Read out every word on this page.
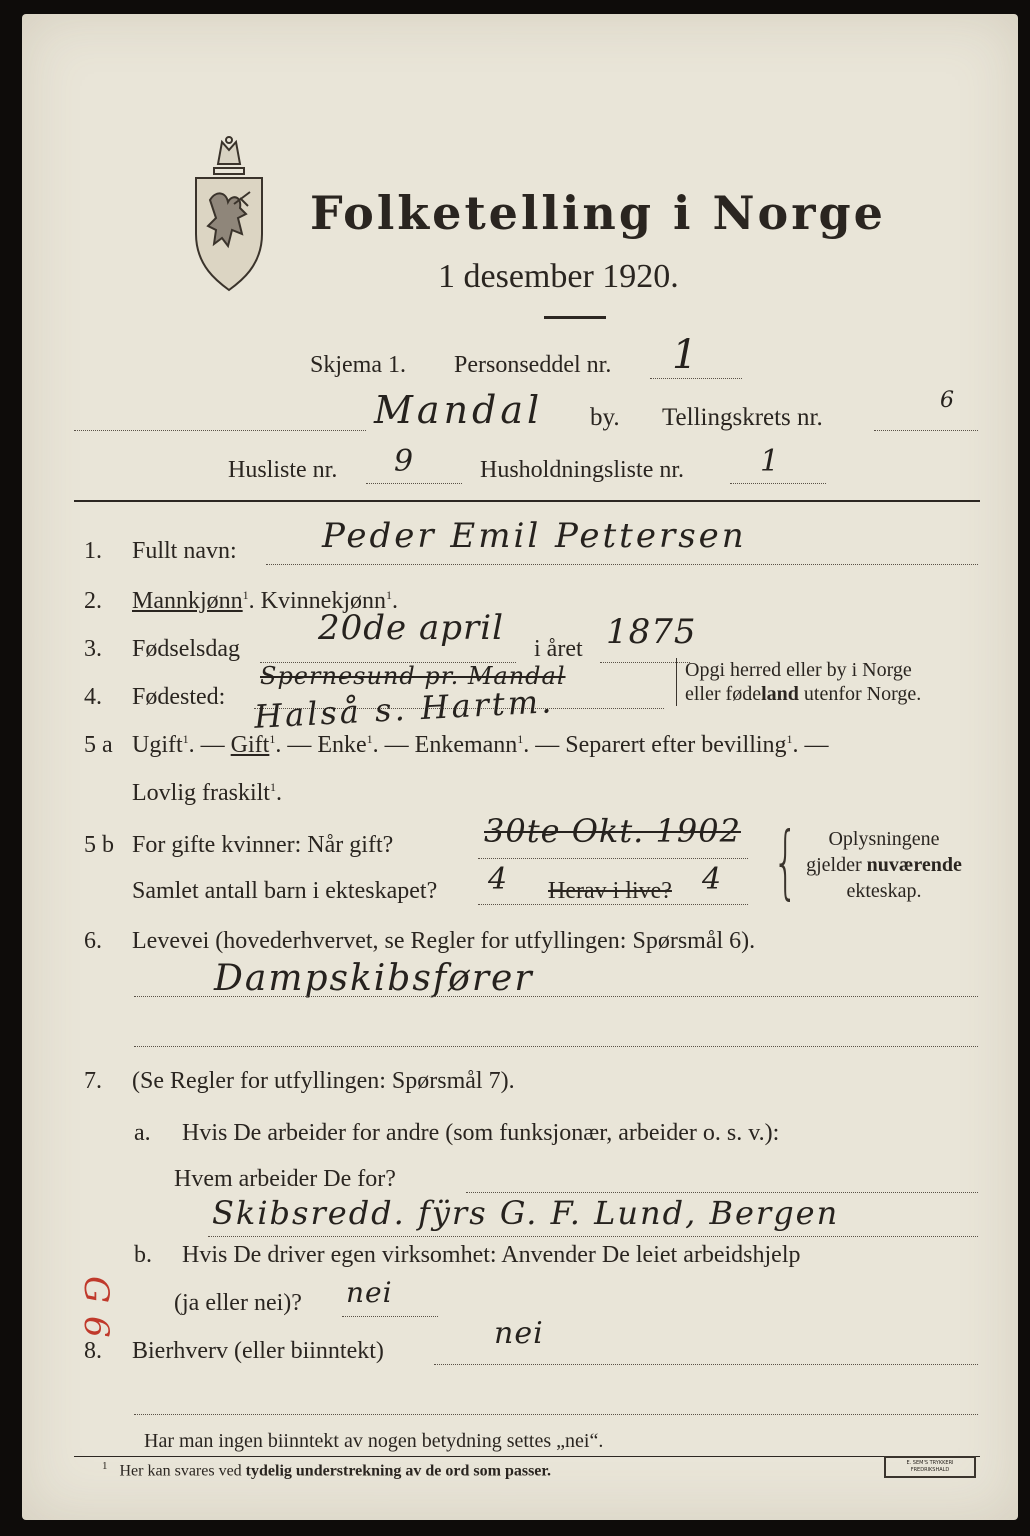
Folketelling i Norge
1 desember 1920.
Skjema 1. Personseddel nr. 1
Mandal by. Tellingskrets nr.
6
Husliste nr. 9	Husholdningsliste nr.	1
1. Fullt navn:	Peder Emil Pettersen
2. Mannkjønn$^1$. Kvinnekjønn$^1$.
3. Fødselsdag
20de april
i året 1875
4. Fødested:
Spernesund pr. Mandal
Halså s. Hartm.
Opgi herred eller by i Norge
eller fødeland utenfor Norge.
5 a Ugift$^1$. — Gift$^1$. — Enke$^1$. — Enkemann$^1$. — Separert efter bevilling$^1$. —
Lovlig fraskilt$^1$.
5 b For gifte kvinner: Når gift?	30te Okt. 1902
Samlet antall barn i ekteskapet? 4 Herav i live? 4 {	Oplysningene
gjelder nuværende
ekteskap.
6. Levevei (hovederhvervet, se Regler for utfyllingen: Spørsmål 6).
Dampskibsfører
7. (Se Regler for utfyllingen: Spørsmål 7).
a. Hvis De arbeider for andre (som funksjonær, arbeider o. s. v.):
Hvem arbeider De for?
Skibsredd. fÿrs G. F. Lund, Bergen
b. Hvis De driver egen virksomhet: Anvender De leiet arbeidshjelp
(ja eller nei)? nei
G 6
8. Bierhverv (eller biinntekt)	nei
Har man ingen biinntekt av nogen betydning settes „nei“.
$^1$ Her kan svares ved tydelig understrekning av de ord som passer.	E. SEM'S TRYKKERI FREDRIKSHALD
